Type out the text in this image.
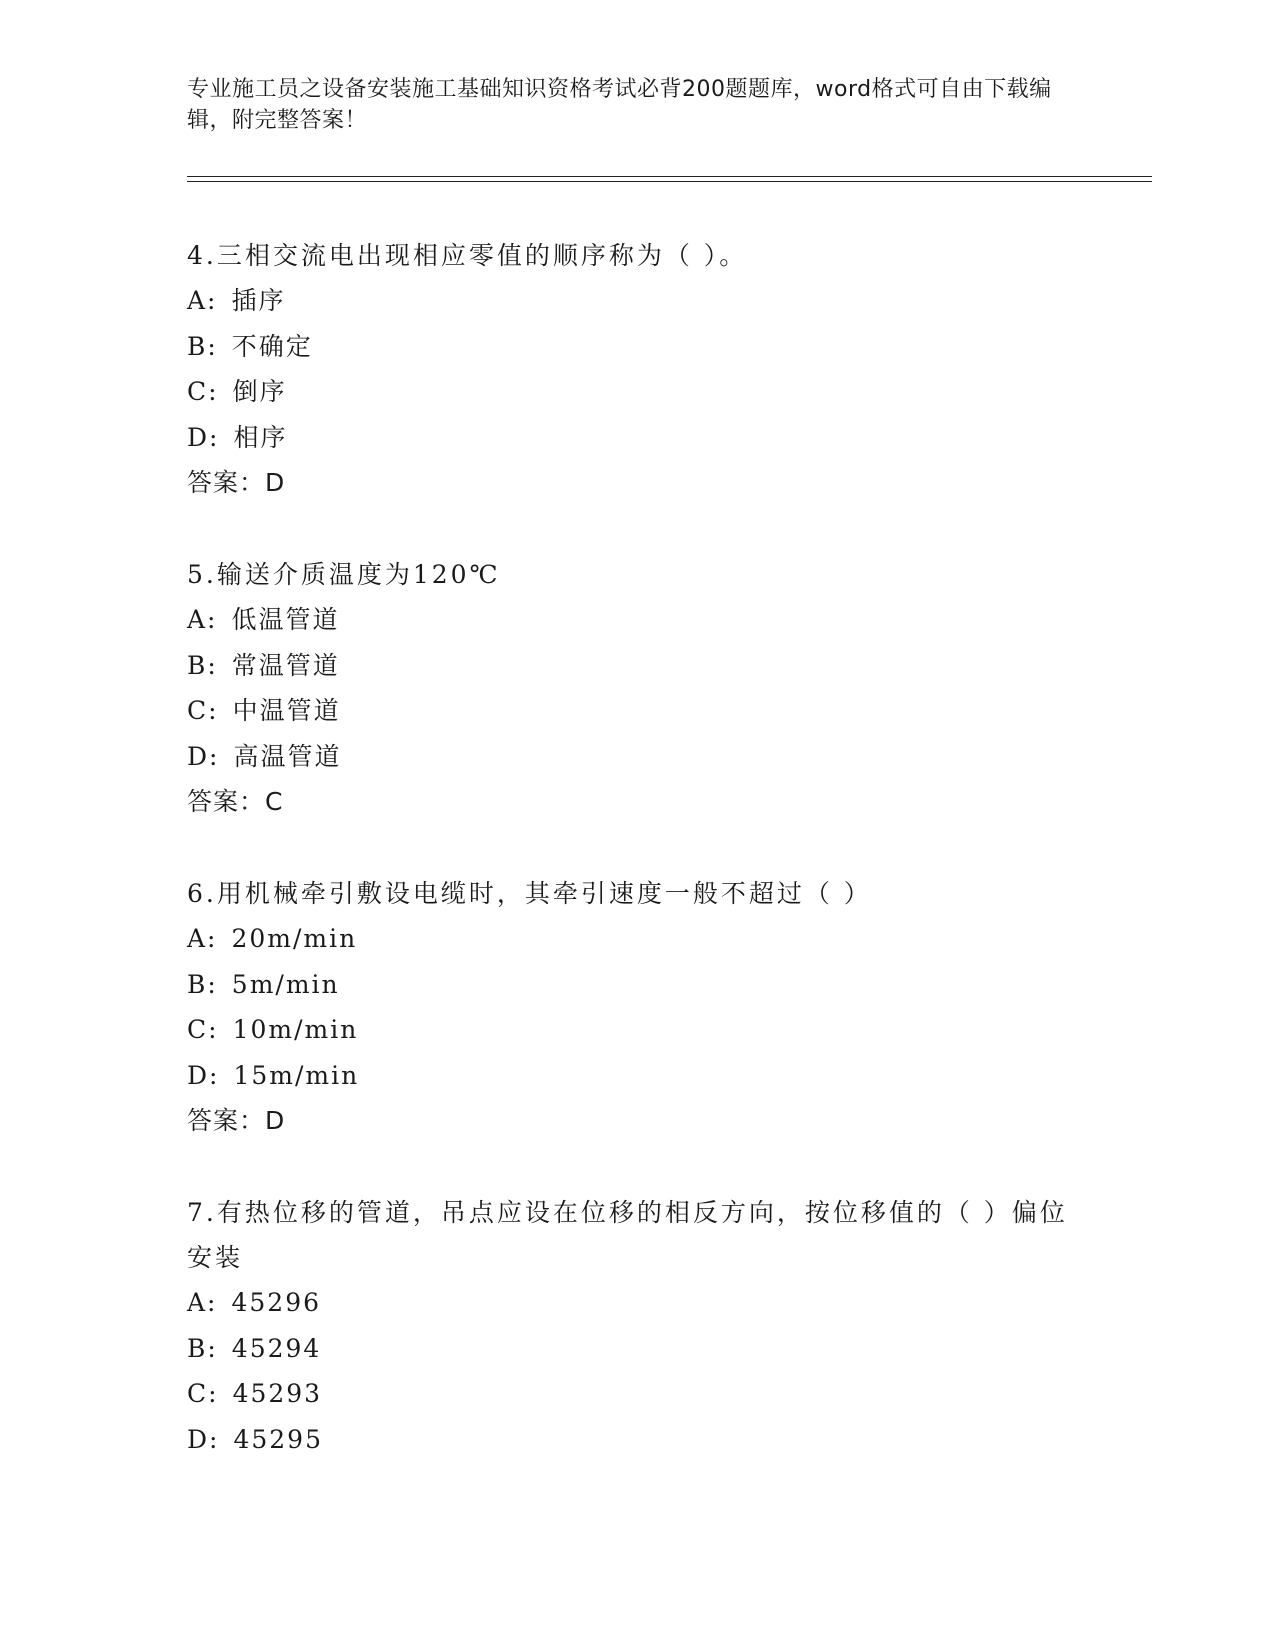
专业施工员之设备安装施工基础知识资格考试必背200题题库，word格式可自由下载编辑，附完整答案！

4.三相交流电出现相应零值的顺序称为（ ）。

A: 插序
B: 不确定
C: 倒序
D: 相序
答案：D

5.输送介质温度为120℃

A: 低温管道
B: 常温管道
C: 中温管道
D: 高温管道
答案：C

6.用机械牵引敷设电缆时，其牵引速度一般不超过（ ）

A: 20m/min
B: 5m/min
C: 10m/min
D: 15m/min
答案：D

7.有热位移的管道，吊点应设在位移的相反方向，按位移值的（ ）偏位安装

A: 45296
B: 45294
C: 45293
D: 45295
